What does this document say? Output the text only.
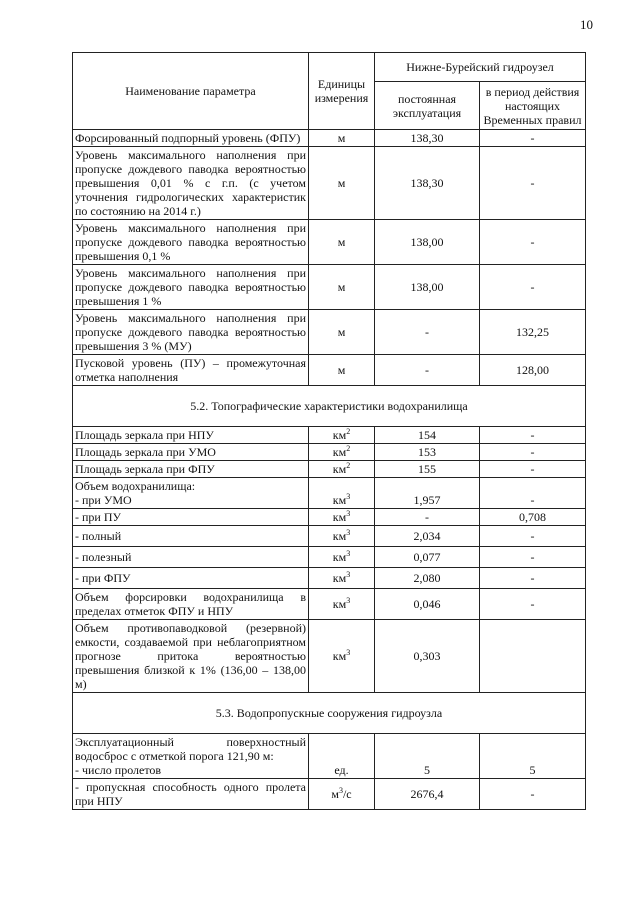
10
Наименование параметра	Единицы измерения	Нижне-Бурейский гидроузел	
		постоянная эксплуатация	в период действия настоящих Временных правил
Форсированный подпорный уровень (ФПУ)	м	138,30	-
Уровень максимального наполнения при пропуске дождевого паводка вероятностью превышения 0,01 % с г.п. (с учетом уточнения гидрологических характеристик по состоянию на 2014 г.)	м	138,30	-
Уровень максимального наполнения при пропуске дождевого паводка вероятностью превышения 0,1 %	м	138,00	-
Уровень максимального наполнения при пропуске дождевого паводка вероятностью превышения 1 %	м	138,00	-
Уровень максимального наполнения при пропуске дождевого паводка вероятностью превышения 3 % (МУ)	м	-	132,25
Пусковой уровень (ПУ) – промежуточная отметка наполнения	м	-	128,00
5.2. Топографические характеристики водохранилища			
Площадь зеркала при НПУ	$км^2$	154	-
Площадь зеркала при УМО	$км^2$	153	-
Площадь зеркала при ФПУ	$км^2$	155	-
Объем водохранилища:
- при УМО	$км^3$	1,957	-
- при ПУ	$км^3$	-	0,708
- полный	$км^3$	2,034	-
- полезный	$км^3$	0,077	-
- при ФПУ	$км^3$	2,080	-
Объем форсировки водохранилища в пределах отметок ФПУ и НПУ	$км^3$	0,046	-
Объем противопаводковой (резервной) емкости, создаваемой при неблагоприятном прогнозе притока вероятностью превышения близкой к 1% (136,00 – 138,00 м)	$км^3$	0,303	
5.3. Водопропускные сооружения гидроузла			
Эксплуатационный поверхностный водосброс с отметкой порога 121,90 м:
- число пролетов	ед.	5	5
- пропускная способность одного пролета при НПУ	$м^3/с$	2676,4	-
